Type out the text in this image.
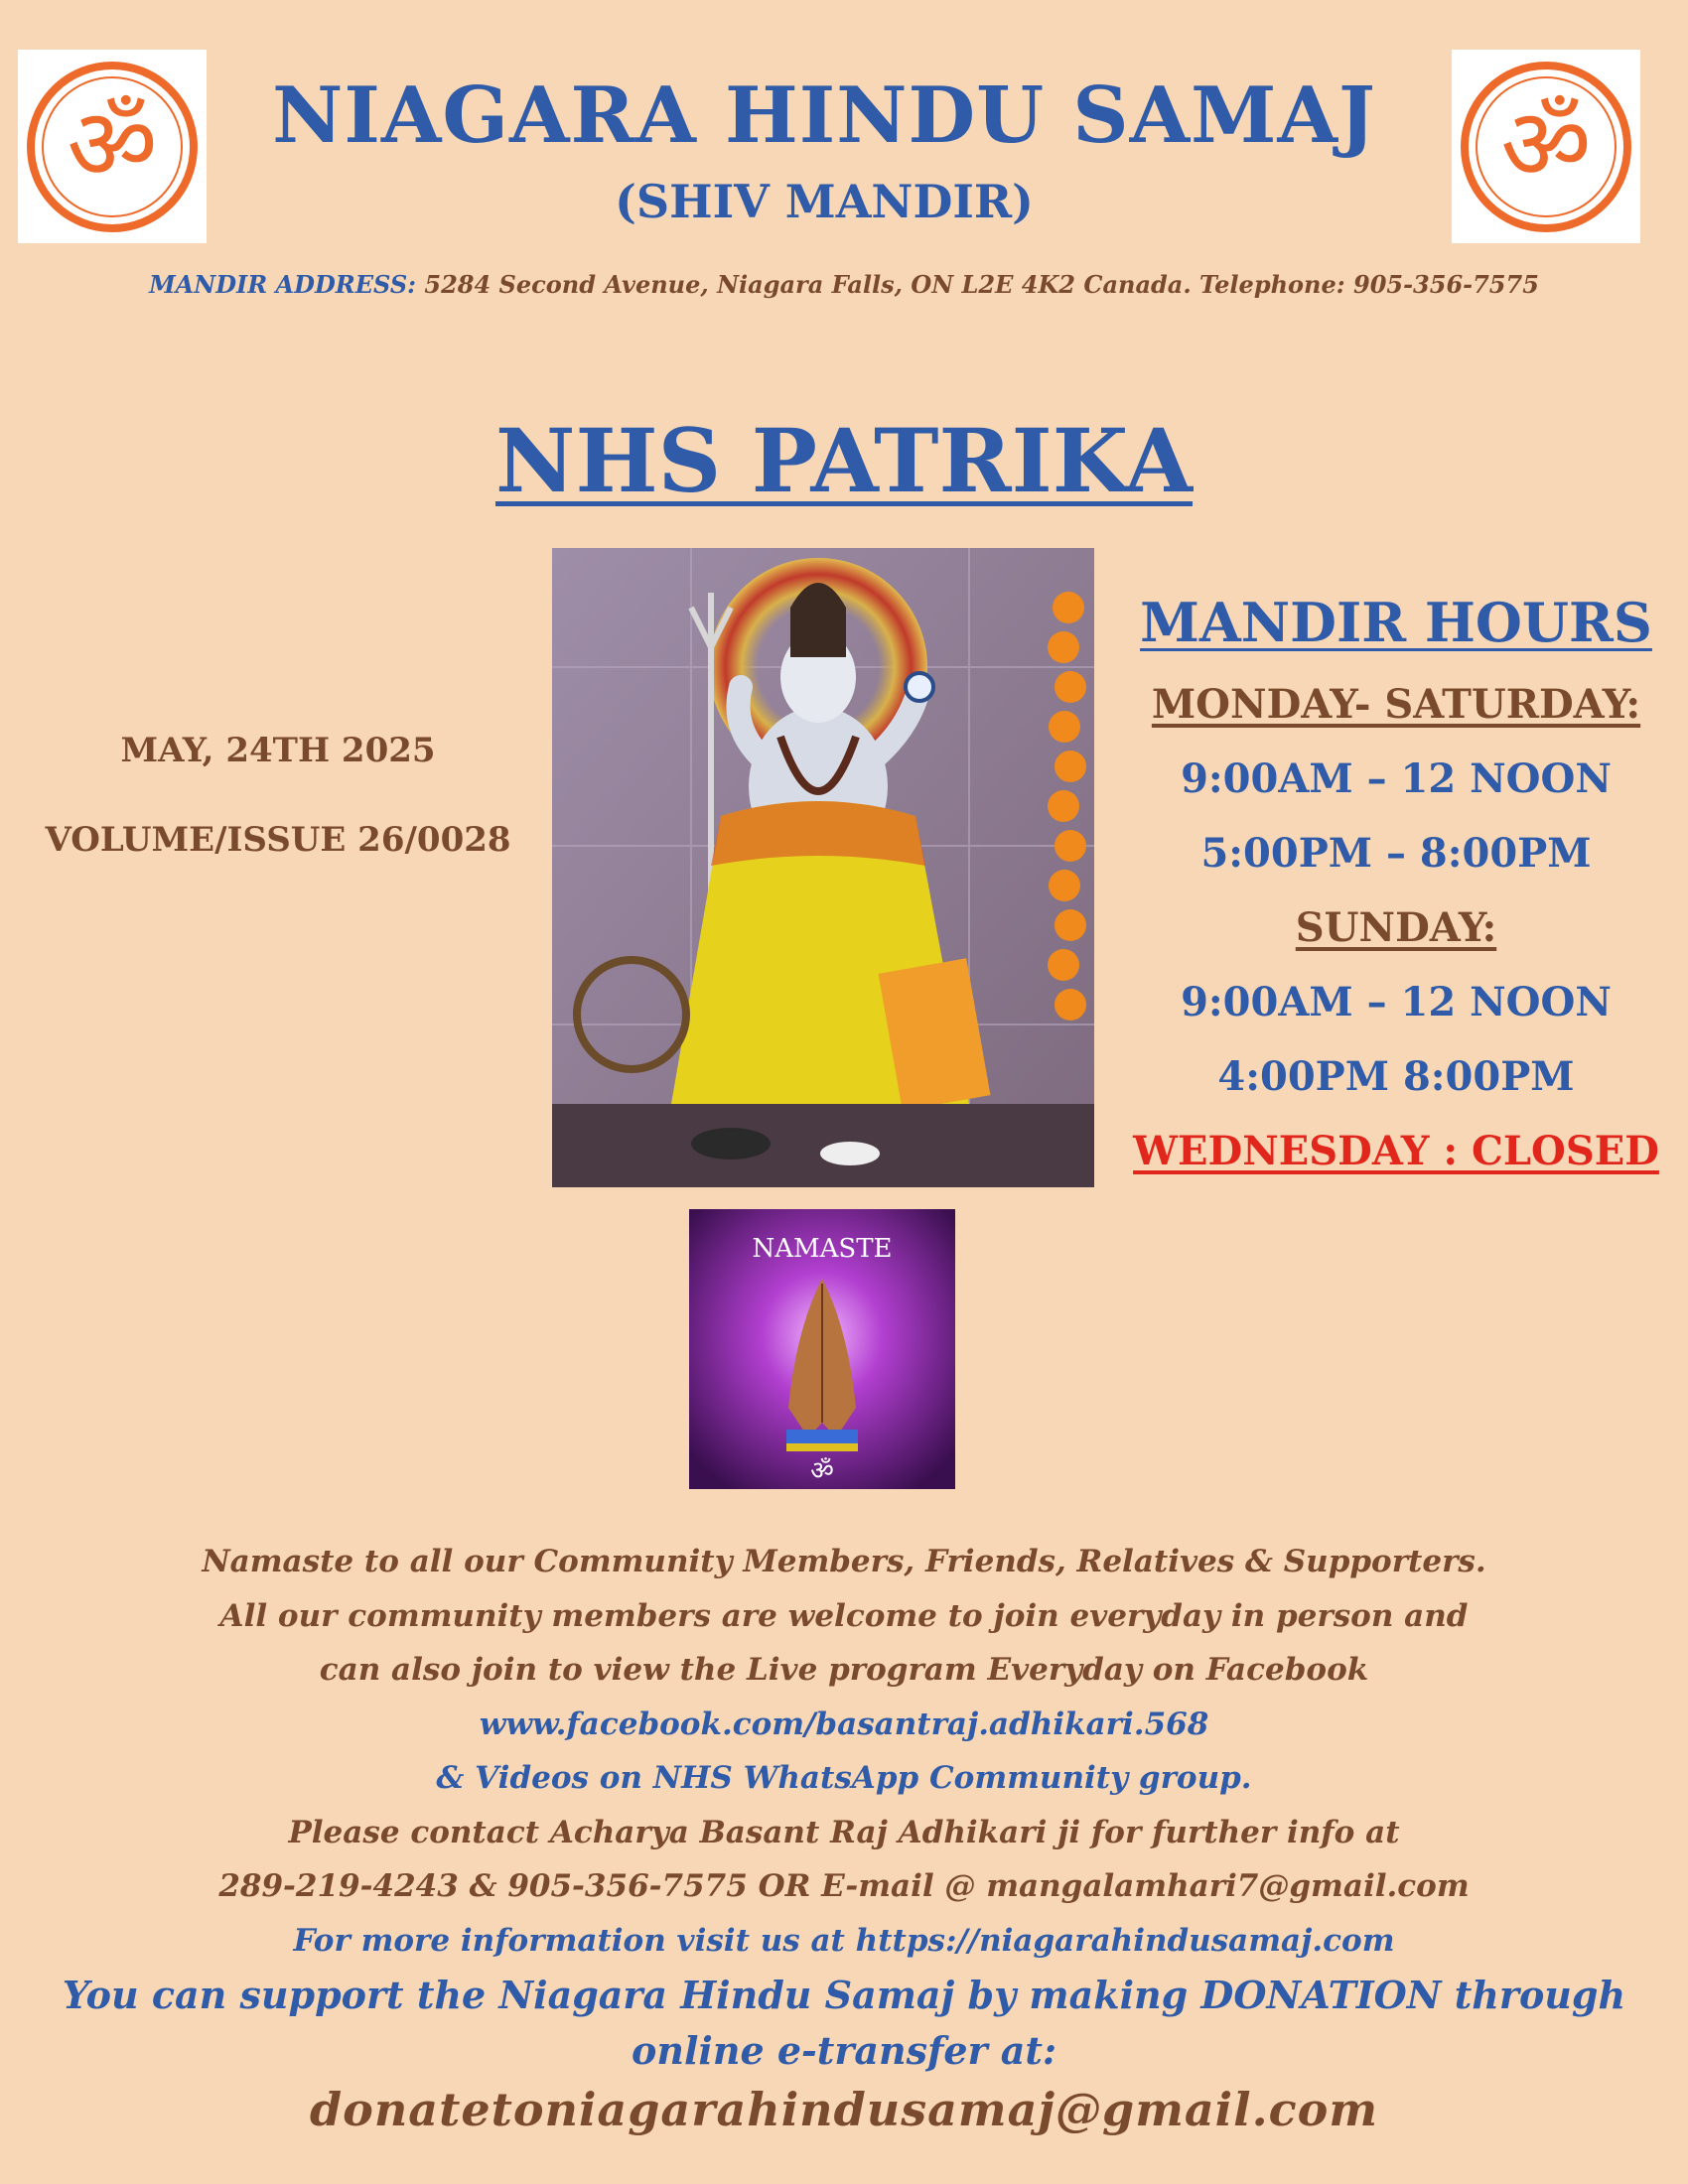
ॐ	ॐ
NIAGARA HINDU SAMAJ
(SHIV MANDIR)
MANDIR ADDRESS: 5284 Second Avenue, Niagara Falls, ON L2E 4K2 Canada. Telephone: 905-356-7575
NHS PATRIKA
MAY, 24TH 2025
VOLUME/ISSUE 26/0028
MANDIR HOURS
MONDAY- SATURDAY:
9:00AM – 12 NOON
5:00PM – 8:00PM
SUNDAY:
9:00AM – 12 NOON
4:00PM 8:00PM
WEDNESDAY : CLOSED
NAMASTE
ॐ
Namaste to all our Community Members, Friends, Relatives & Supporters.
All our community members are welcome to join everyday in person and
can also join to view the Live program Everyday on Facebook
www.facebook.com/basantraj.adhikari.568
& Videos on NHS WhatsApp Community group.
Please contact Acharya Basant Raj Adhikari ji for further info at
289-219-4243 & 905-356-7575 OR E-mail @ mangalamhari7@gmail.com
For more information visit us at https://niagarahindusamaj.com
You can support the Niagara Hindu Samaj by making DONATION through
online e-transfer at:
donatetoniagarahindusamaj@gmail.com
